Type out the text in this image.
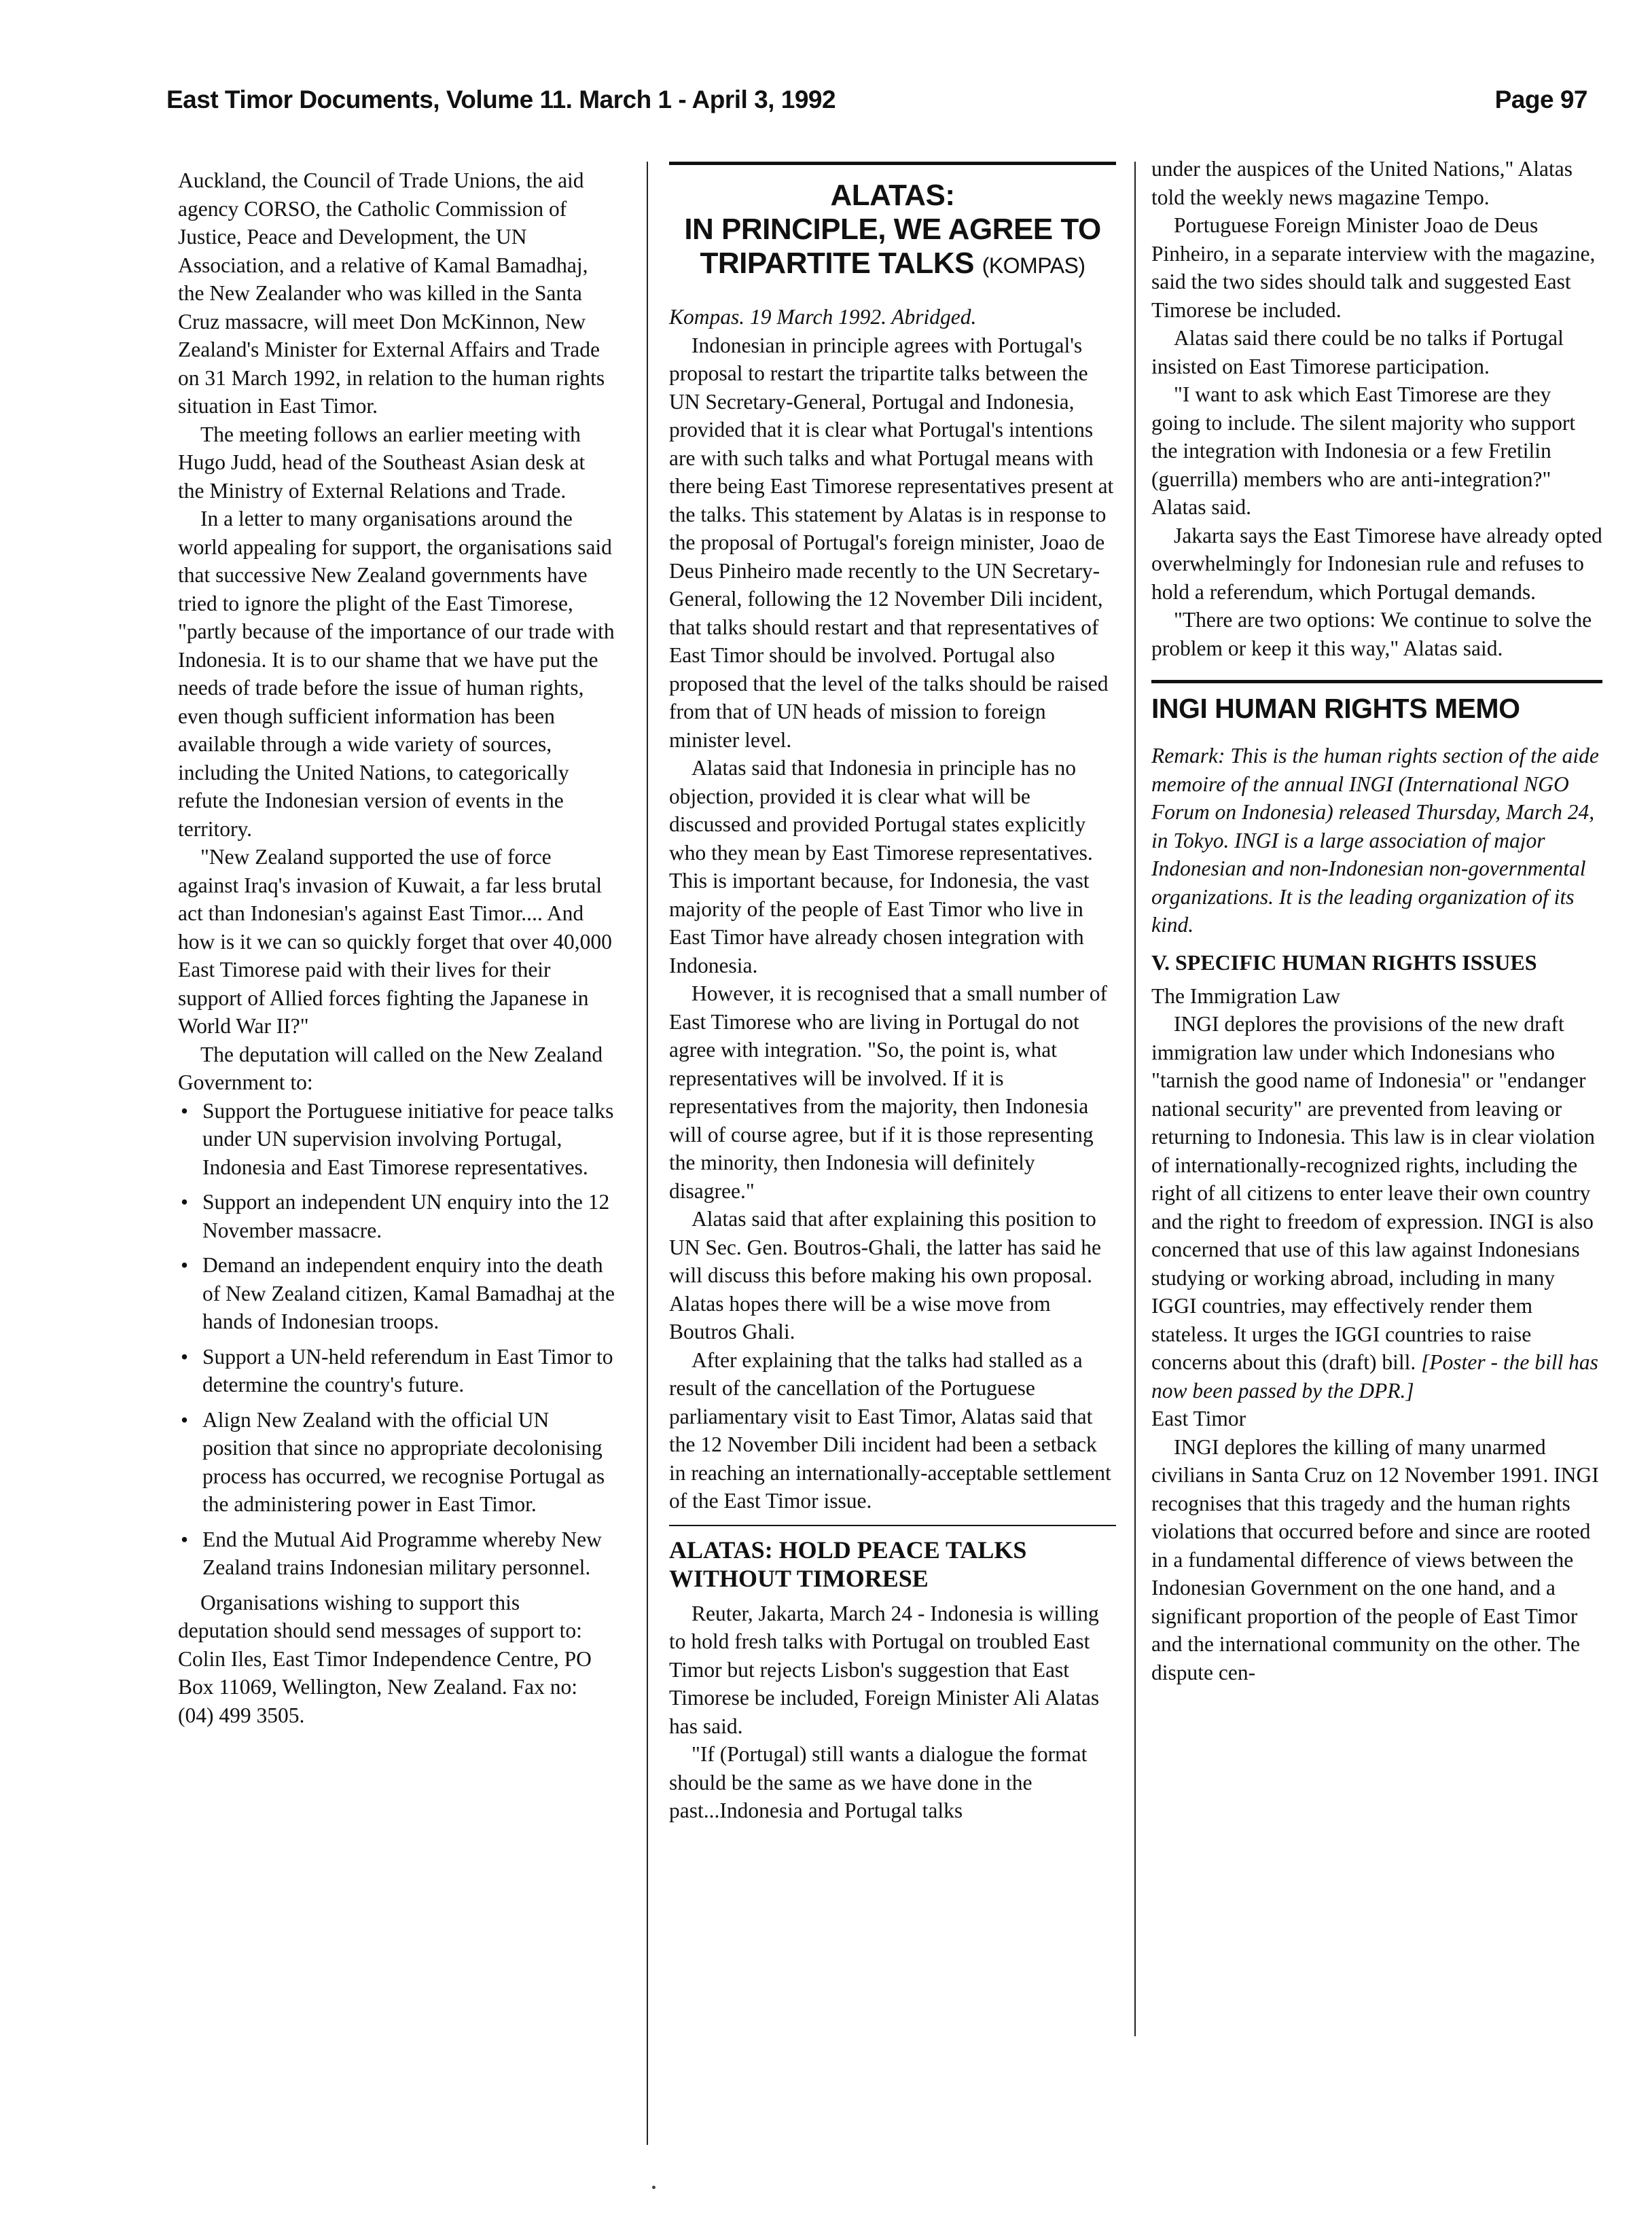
East Timor Documents, Volume 11. March 1 - April 3, 1992	Page 97

Auckland, the Council of Trade Unions, the aid agency CORSO, the Catholic Commission of Justice, Peace and Development, the UN Association, and a relative of Kamal Bamadhaj, the New Zealander who was killed in the Santa Cruz massacre, will meet Don McKinnon, New Zealand's Minister for External Affairs and Trade on 31 March 1992, in relation to the human rights situation in East Timor.

The meeting follows an earlier meeting with Hugo Judd, head of the Southeast Asian desk at the Ministry of External Relations and Trade.

In a letter to many organisations around the world appealing for support, the organisations said that successive New Zealand governments have tried to ignore the plight of the East Timorese, "partly because of the importance of our trade with Indonesia. It is to our shame that we have put the needs of trade before the issue of human rights, even though sufficient information has been available through a wide variety of sources, including the United Nations, to categorically refute the Indonesian version of events in the territory.

"New Zealand supported the use of force against Iraq's invasion of Kuwait, a far less brutal act than Indonesian's against East Timor.... And how is it we can so quickly forget that over 40,000 East Timorese paid with their lives for their support of Allied forces fighting the Japanese in World War II?"

The deputation will called on the New Zealand Government to:

• Support the Portuguese initiative for peace talks under UN supervision involving Portugal, Indonesia and East Timorese representatives.
• Support an independent UN enquiry into the 12 November massacre.
• Demand an independent enquiry into the death of New Zealand citizen, Kamal Bamadhaj at the hands of Indonesian troops.
• Support a UN-held referendum in East Timor to determine the country's future.
• Align New Zealand with the official UN position that since no appropriate decolonising process has occurred, we recognise Portugal as the administering power in East Timor.
• End the Mutual Aid Programme whereby New Zealand trains Indonesian military personnel.

Organisations wishing to support this deputation should send messages of support to: Colin Iles, East Timor Independence Centre, PO Box 11069, Wellington, New Zealand. Fax no: (04) 499 3505.

ALATAS:
IN PRINCIPLE, WE AGREE TO
TRIPARTITE TALKS (KOMPAS)

Kompas. 19 March 1992. Abridged.

Indonesian in principle agrees with Portugal's proposal to restart the tripartite talks between the UN Secretary-General, Portugal and Indonesia, provided that it is clear what Portugal's intentions are with such talks and what Portugal means with there being East Timorese representatives present at the talks. This statement by Alatas is in response to the proposal of Portugal's foreign minister, Joao de Deus Pinheiro made recently to the UN Secretary-General, following the 12 November Dili incident, that talks should restart and that representatives of East Timor should be involved. Portugal also proposed that the level of the talks should be raised from that of UN heads of mission to foreign minister level.

Alatas said that Indonesia in principle has no objection, provided it is clear what will be discussed and provided Portugal states explicitly who they mean by East Timorese representatives. This is important because, for Indonesia, the vast majority of the people of East Timor who live in East Timor have already chosen integration with Indonesia.

However, it is recognised that a small number of East Timorese who are living in Portugal do not agree with integration. "So, the point is, what representatives will be involved. If it is representatives from the majority, then Indonesia will of course agree, but if it is those representing the minority, then Indonesia will definitely disagree."

Alatas said that after explaining this position to UN Sec. Gen. Boutros-Ghali, the latter has said he will discuss this before making his own proposal. Alatas hopes there will be a wise move from Boutros Ghali.

After explaining that the talks had stalled as a result of the cancellation of the Portuguese parliamentary visit to East Timor, Alatas said that the 12 November Dili incident had been a setback in reaching an internationally-acceptable settlement of the East Timor issue.

ALATAS: HOLD PEACE TALKS WITHOUT TIMORESE

Reuter, Jakarta, March 24 - Indonesia is willing to hold fresh talks with Portugal on troubled East Timor but rejects Lisbon's suggestion that East Timorese be included, Foreign Minister Ali Alatas has said.

"If (Portugal) still wants a dialogue the format should be the same as we have done in the past...Indonesia and Portugal talks

under the auspices of the United Nations," Alatas told the weekly news magazine Tempo.

Portuguese Foreign Minister Joao de Deus Pinheiro, in a separate interview with the magazine, said the two sides should talk and suggested East Timorese be included.

Alatas said there could be no talks if Portugal insisted on East Timorese participation.

"I want to ask which East Timorese are they going to include. The silent majority who support the integration with Indonesia or a few Fretilin (guerrilla) members who are anti-integration?" Alatas said.

Jakarta says the East Timorese have already opted overwhelmingly for Indonesian rule and refuses to hold a referendum, which Portugal demands.

"There are two options: We continue to solve the problem or keep it this way," Alatas said.

INGI HUMAN RIGHTS MEMO

Remark: This is the human rights section of the aide memoire of the annual INGI (International NGO Forum on Indonesia) released Thursday, March 24, in Tokyo. INGI is a large association of major Indonesian and non-Indonesian non-governmental organizations. It is the leading organization of its kind.

V. SPECIFIC HUMAN RIGHTS ISSUES

The Immigration Law

INGI deplores the provisions of the new draft immigration law under which Indonesians who "tarnish the good name of Indonesia" or "endanger national security" are prevented from leaving or returning to Indonesia. This law is in clear violation of internationally-recognized rights, including the right of all citizens to enter leave their own country and the right to freedom of expression. INGI is also concerned that use of this law against Indonesians studying or working abroad, including in many IGGI countries, may effectively render them stateless. It urges the IGGI countries to raise concerns about this (draft) bill. [Poster - the bill has now been passed by the DPR.]

East Timor

INGI deplores the killing of many unarmed civilians in Santa Cruz on 12 November 1991. INGI recognises that this tragedy and the human rights violations that occurred before and since are rooted in a fundamental difference of views between the Indonesian Government on the one hand, and a significant proportion of the people of East Timor and the international community on the other. The dispute cen-
